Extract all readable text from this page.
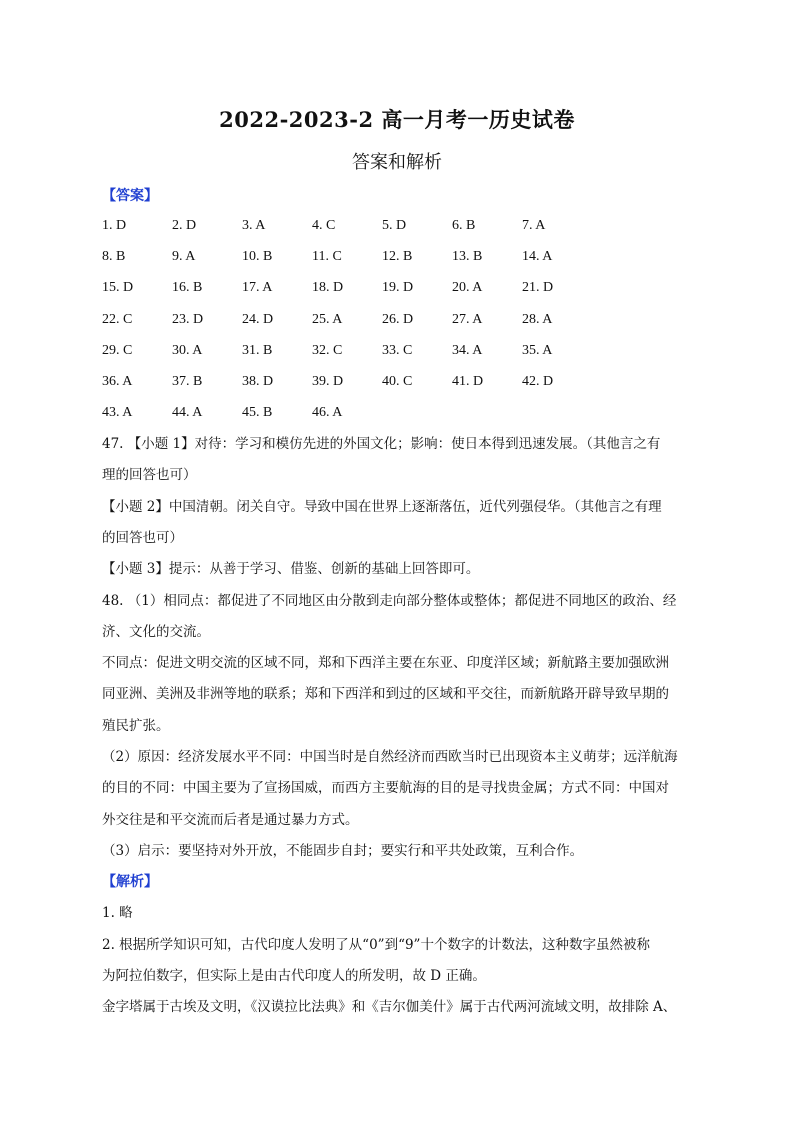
2022-2023-2 高一月考一历史试卷
答案和解析
【答案】
1. D	2. D	3. A	4. C	5. D	6. B	7. A
8. B	9. A	10. B	11. C	12. B	13. B	14. A
15. D	16. B	17. A	18. D	19. D	20. A	21. D
22. C	23. D	24. D	25. A	26. D	27. A	28. A
29. C	30. A	31. B	32. C	33. C	34. A	35. A
36. A	37. B	38. D	39. D	40. C	41. D	42. D
43. A	44. A	45. B	46. A

47. 【小题 1】对待：学习和模仿先进的外国文化；影响：使日本得到迅速发展。（其他言之有

理的回答也可）

【小题 2】中国清朝。闭关自守。导致中国在世界上逐渐落伍，近代列强侵华。（其他言之有理

的回答也可）

【小题 3】提示：从善于学习、借鉴、创新的基础上回答即可。

48. （1）相同点：都促进了不同地区由分散到走向部分整体或整体；都促进不同地区的政治、经

济、文化的交流。

不同点：促进文明交流的区域不同，郑和下西洋主要在东亚、印度洋区域；新航路主要加强欧洲

同亚洲、美洲及非洲等地的联系；郑和下西洋和到过的区域和平交往，而新航路开辟导致早期的

殖民扩张。

（2）原因：经济发展水平不同：中国当时是自然经济而西欧当时已出现资本主义萌芽；远洋航海

的目的不同：中国主要为了宣扬国威，而西方主要航海的目的是寻找贵金属；方式不同：中国对

外交往是和平交流而后者是通过暴力方式。

（3）启示：要坚持对外开放，不能固步自封；要实行和平共处政策，互利合作。

【解析】

1. 略

2. 根据所学知识可知，古代印度人发明了从“0”到“9”十个数字的计数法，这种数字虽然被称

为阿拉伯数字，但实际上是由古代印度人的所发明，故 D 正确。

金字塔属于古埃及文明，《汉谟拉比法典》和《吉尔伽美什》属于古代两河流域文明，故排除 A、
